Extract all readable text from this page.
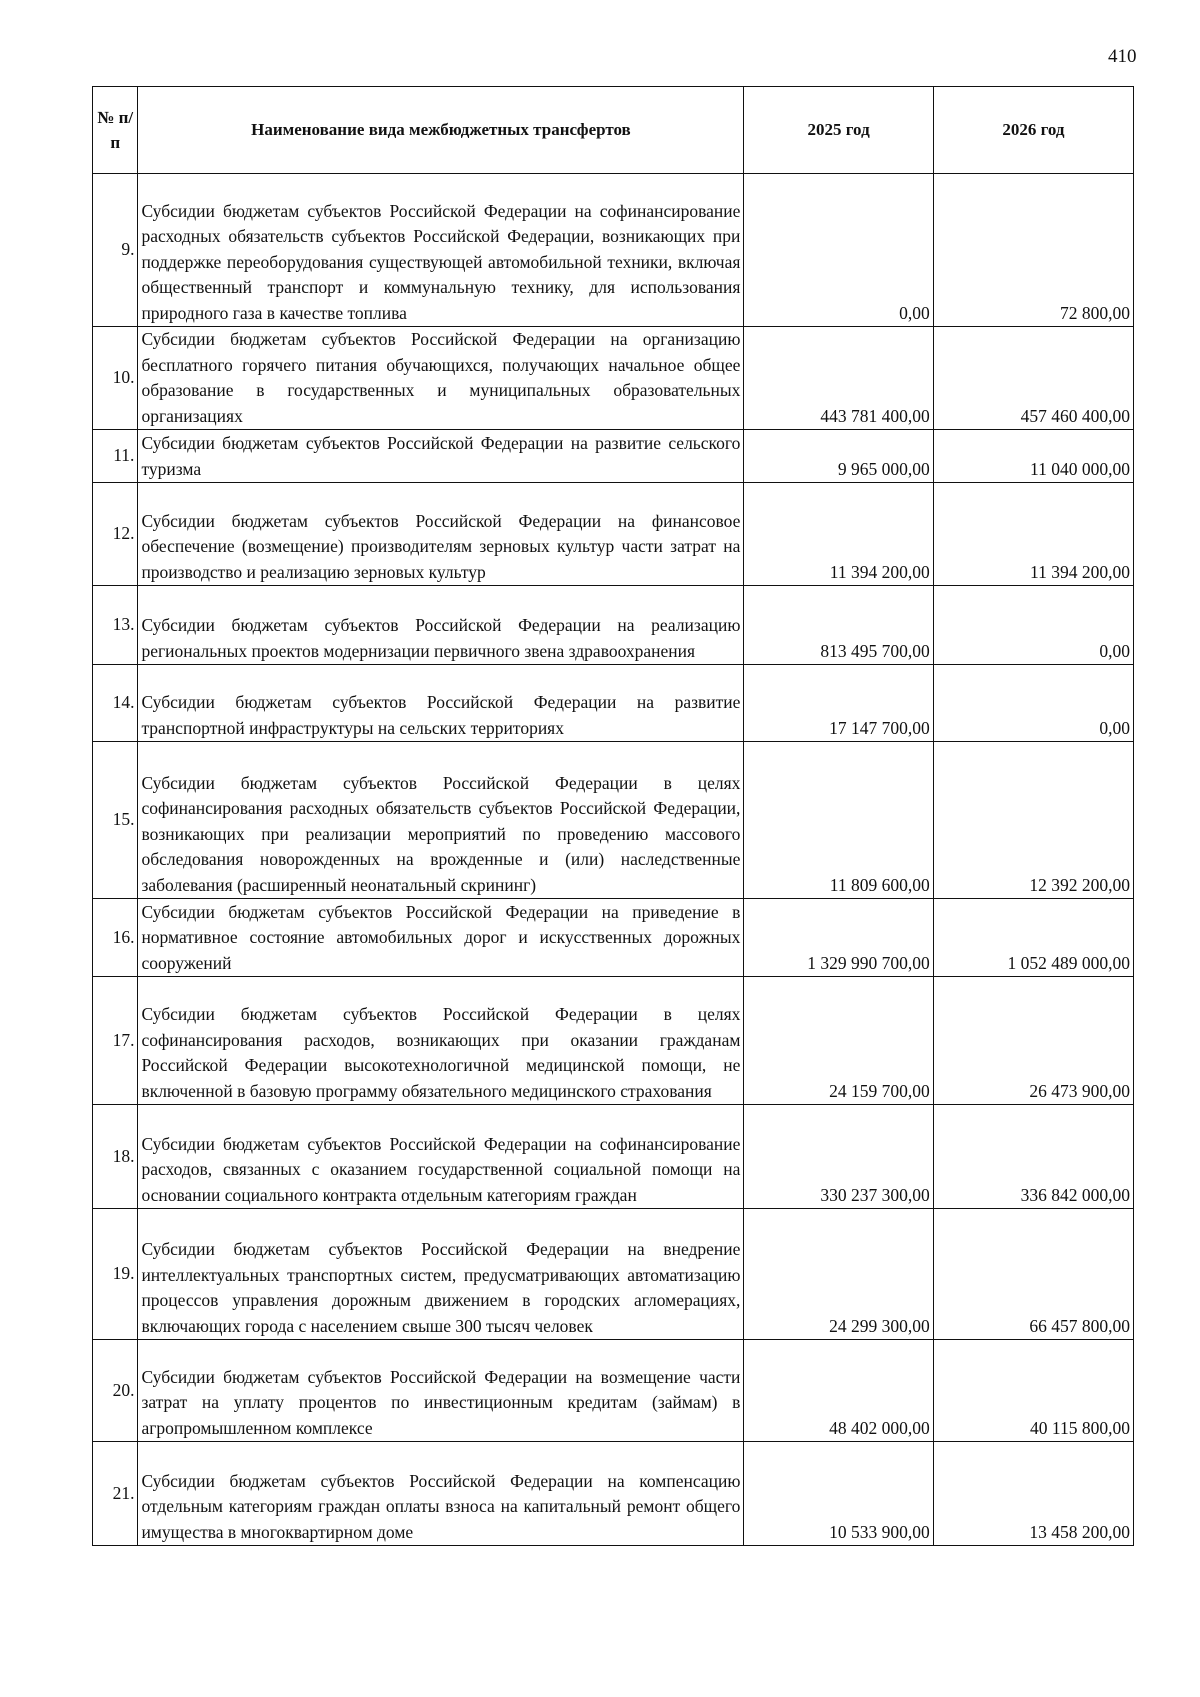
410
№ п/п	Наименование вида межбюджетных трансфертов	2025 год	2026 год
9.	Субсидии бюджетам субъектов Российской Федерации на софинансирование расходных обязательств субъектов Российской Федерации, возникающих при поддержке переоборудования существующей автомобильной техники, включая общественный транспорт и коммунальную технику, для использования природного газа в качестве топлива	0,00	72 800,00
10.	Субсидии бюджетам субъектов Российской Федерации на организацию бесплатного горячего питания обучающихся, получающих начальное общее образование в государственных и муниципальных образовательных организациях	443 781 400,00	457 460 400,00
11.	Субсидии бюджетам субъектов Российской Федерации на развитие сельского туризма	9 965 000,00	11 040 000,00
12.	Субсидии бюджетам субъектов Российской Федерации на финансовое обеспечение (возмещение) производителям зерновых культур части затрат на производство и реализацию зерновых культур	11 394 200,00	11 394 200,00
13.	Субсидии бюджетам субъектов Российской Федерации на реализацию региональных проектов модернизации первичного звена здравоохранения	813 495 700,00	0,00
14.	Субсидии бюджетам субъектов Российской Федерации на развитие транспортной инфраструктуры на сельских территориях	17 147 700,00	0,00
15.	Субсидии бюджетам субъектов Российской Федерации в целях софинансирования расходных обязательств субъектов Российской Федерации, возникающих при реализации мероприятий по проведению массового обследования новорожденных на врожденные и (или) наследственные заболевания (расширенный неонатальный скрининг)	11 809 600,00	12 392 200,00
16.	Субсидии бюджетам субъектов Российской Федерации на приведение в нормативное состояние автомобильных дорог и искусственных дорожных сооружений	1 329 990 700,00	1 052 489 000,00
17.	Субсидии бюджетам субъектов Российской Федерации в целях софинансирования расходов, возникающих при оказании гражданам Российской Федерации высокотехнологичной медицинской помощи, не включенной в базовую программу обязательного медицинского страхования	24 159 700,00	26 473 900,00
18.	Субсидии бюджетам субъектов Российской Федерации на софинансирование расходов, связанных с оказанием государственной социальной помощи на основании социального контракта отдельным категориям граждан	330 237 300,00	336 842 000,00
19.	Субсидии бюджетам субъектов Российской Федерации на внедрение интеллектуальных транспортных систем, предусматривающих автоматизацию процессов управления дорожным движением в городских агломерациях, включающих города с населением свыше 300 тысяч человек	24 299 300,00	66 457 800,00
20.	Субсидии бюджетам субъектов Российской Федерации на возмещение части затрат на уплату процентов по инвестиционным кредитам (займам) в агропромышленном комплексе	48 402 000,00	40 115 800,00
21.	Субсидии бюджетам субъектов Российской Федерации на компенсацию отдельным категориям граждан оплаты взноса на капитальный ремонт общего имущества в многоквартирном доме	10 533 900,00	13 458 200,00
